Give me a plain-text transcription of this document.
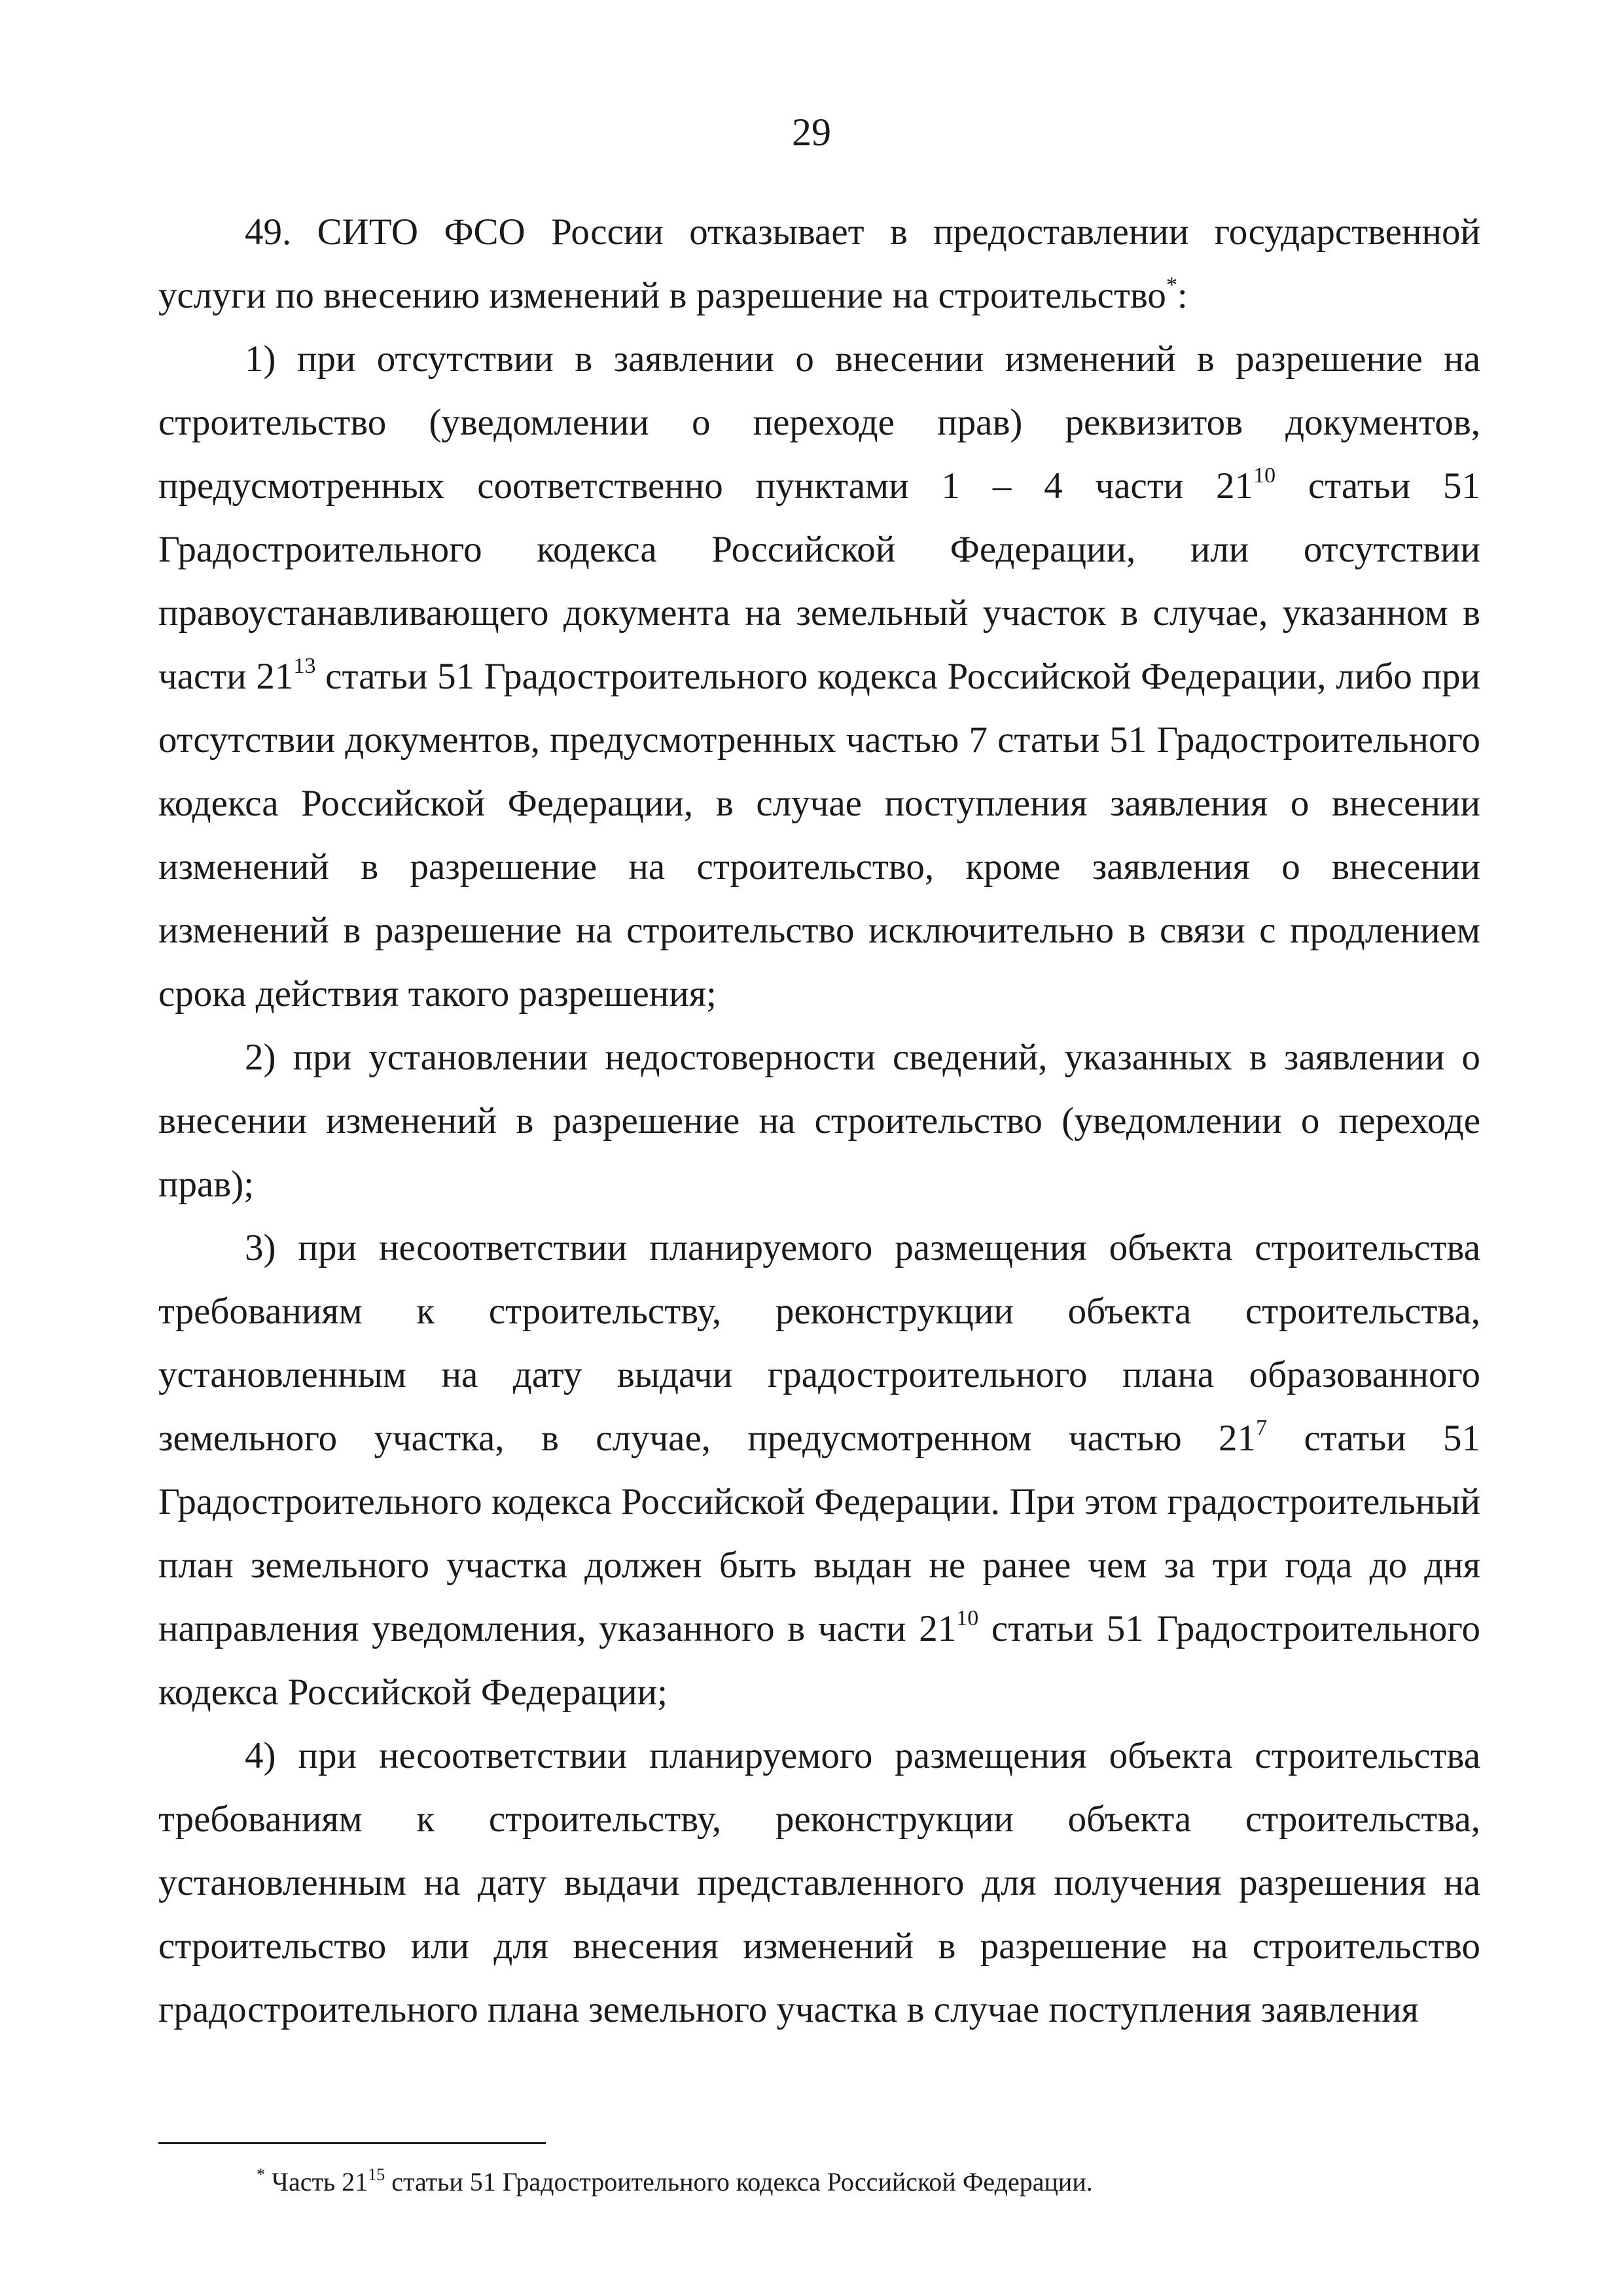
29

49. СИТО ФСО России отказывает в предоставлении государственной услуги по внесению изменений в разрешение на строительство*:

1) при отсутствии в заявлении о внесении изменений в разрешение на строительство (уведомлении о переходе прав) реквизитов документов, предусмотренных соответственно пунктами 1 – 4 части $21^{10}$ статьи 51 Градостроительного кодекса Российской Федерации, или отсутствии правоустанавливающего документа на земельный участок в случае, указанном в части $21^{13}$ статьи 51 Градостроительного кодекса Российской Федерации, либо при отсутствии документов, предусмотренных частью 7 статьи 51 Градостроительного кодекса Российской Федерации, в случае поступления заявления о внесении изменений в разрешение на строительство, кроме заявления о внесении изменений в разрешение на строительство исключительно в связи с продлением срока действия такого разрешения;

2) при установлении недостоверности сведений, указанных в заявлении о внесении изменений в разрешение на строительство (уведомлении о переходе прав);

3) при несоответствии планируемого размещения объекта строительства требованиям к строительству, реконструкции объекта строительства, установленным на дату выдачи градостроительного плана образованного земельного участка, в случае, предусмотренном частью $21^7$ статьи 51 Градостроительного кодекса Российской Федерации. При этом градостроительный план земельного участка должен быть выдан не ранее чем за три года до дня направления уведомления, указанного в части $21^{10}$ статьи 51 Градостроительного кодекса Российской Федерации;

4) при несоответствии планируемого размещения объекта строительства требованиям к строительству, реконструкции объекта строительства, установленным на дату выдачи представленного для получения разрешения на строительство или для внесения изменений в разрешение на строительство градостроительного плана земельного участка в случае поступления заявления

* Часть $21^{15}$ статьи 51 Градостроительного кодекса Российской Федерации.
